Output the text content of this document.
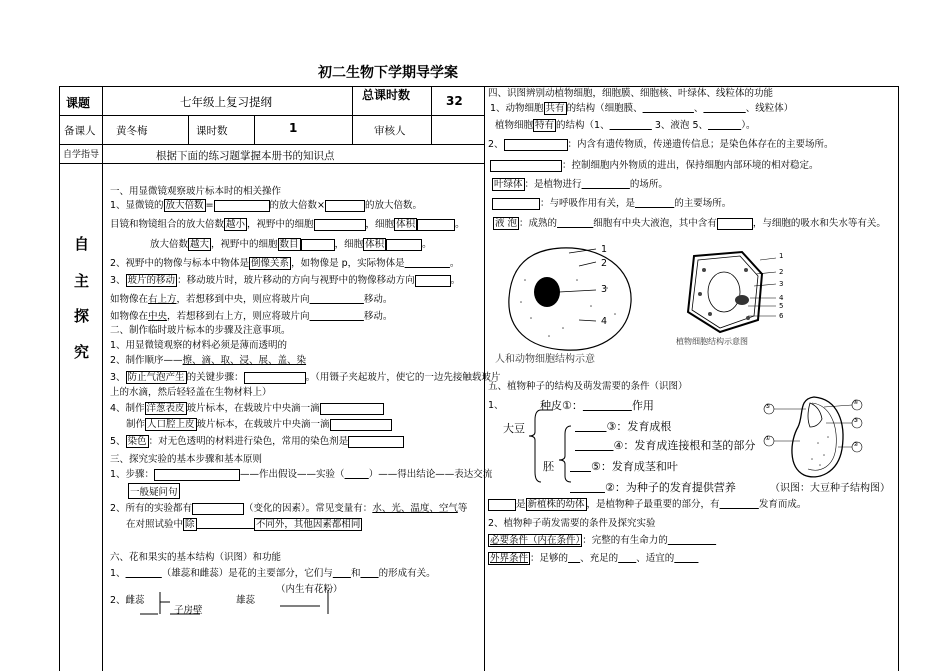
初二生物下学期导学案
课题	七年级上复习提纲	总课时数	32
备课人 黄冬梅	课时数	1	审核人
自学指导	根据下面的练习题掌握本册书的知识点
自
主
探
究
一、用显微镜观察玻片标本时的相关操作
1、显微镜的 放大倍数 =	的放大倍数×	的放大倍数。
目镜和物镜组合的放大倍数 越小 ，视野中的细胞	，细胞 体积	。
放大倍数 越大 ，视野中的细胞 数目	，细胞 体积	。
2、视野中的物像与标本中物体是 倒像关系 ，如物像是 p，实际物体是	。
3、 玻片的移动 ：移动玻片时，玻片移动的方向与视野中的物像移动方向	。
如物像在右上方，若想移到中央，则应将玻片向	移动。
如物像在中央，若想移到右上方，则应将玻片向	移动。
二、制作临时玻片标本的步骤及注意事项。
1、用显微镜观察的材料必须是薄而透明的
2、制作顺序——擦、滴、取、浸、展、盖、染
3、 防止气泡产生 的关键步骤：	。（用镊子夹起玻片，使它的一边先接触载玻片
上的水滴，然后轻轻盖在生物材料上）
4、制作 洋葱表皮 玻片标本，在载玻片中央滴一滴
制作 人口腔上皮 玻片标本，在载玻片中央滴一滴
5、 染色 ：对无色透明的材料进行染色，常用的染色剂是
三、探究实验的基本步骤和基本原则
1、步骤：	——作出假设——实验（	）——得出结论——表达交流
一般疑问句
2、所有的实验都有	（变化的因素）。常见变量有：水、光、温度、空气等
在对照试验中 除	不同外，其他因素都相同
六、花和果实的基本结构（识图）和功能
1、	（雄蕊和雌蕊）是花的主要部分，它们与 和 的形成有关。
（内生有花粉）
2、雌蕊	雄蕊
子房壁
四、识图辨别动植物细胞，细胞膜、细胞核、叶绿体、线粒体的功能
1、动物细胞 共有 的结构（细胞膜、	、	、线粒体）
植物细胞 特有 的结构（1、	3、液泡 5、	）。
2、	：内含有遗传物质，传递遗传信息；是染色体存在的主要场所。
：控制细胞内外物质的进出，保持细胞内部环境的相对稳定。
叶绿体 ：是植物进行	的场所。
：与呼吸作用有关，是	的主要场所。
液 泡 ：成熟的	细胞有中央大液泡，其中含有	，与细胞的吸水和失水等有关。
1
2
3
4
人和动物细胞结构示意
1
2
3
4
5
6
植物细胞结构示意图
五、植物种子的结构及萌发需要的条件（识图）
1、
大豆
种皮①：	作用
③：发育成根
④：发育成连接根和茎的部分
胚	⑤：发育成茎和叶
②：为种子的发育提供营养
⑤
④
③
②
①
（识图：大豆种子结构图）
是 新植株的幼体 ，是植物种子最重要的部分，有	发育而成。
2、植物种子萌发需要的条件及探究实验
必要条件（内在条件） ：完整的有生命力的
外界条件 ：足够的 、充足的 、适宜的
